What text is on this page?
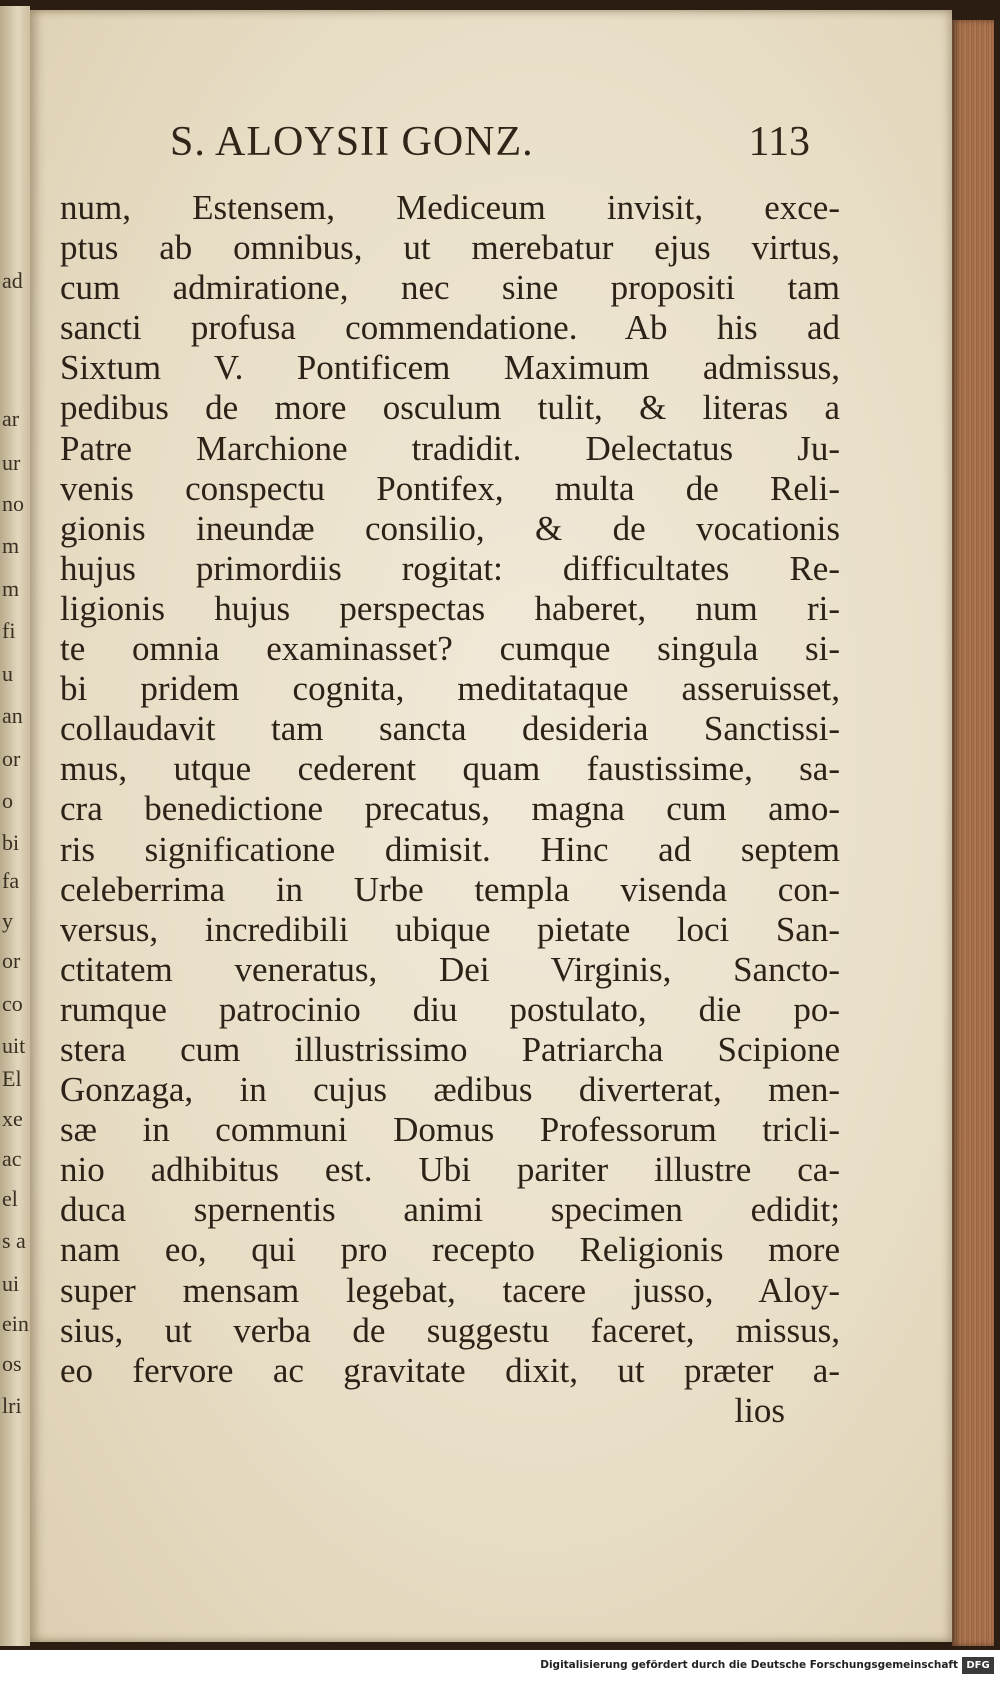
ad
ar
ur
no
m
m
fi
u
an
or
o
bi
fa
y
or
co
uit
El
xe
ac
el
s a
ui
ein
os
lri
S. ALOYSII GONZ.	113
num, Estensem, Mediceum invisit, exce-
ptus ab omnibus, ut merebatur ejus virtus,
cum admiratione, nec sine propositi tam
sancti profusa commendatione. Ab his ad
Sixtum V. Pontificem Maximum admissus,
pedibus de more osculum tulit, & literas a
Patre Marchione tradidit. Delectatus Ju-
venis conspectu Pontifex, multa de Reli-
gionis ineundæ consilio, & de vocationis
hujus primordiis rogitat: difficultates Re-
ligionis hujus perspectas haberet, num ri-
te omnia examinasset? cumque singula si-
bi pridem cognita, meditataque asseruisset,
collaudavit tam sancta desideria Sanctissi-
mus, utque cederent quam faustissime, sa-
cra benedictione precatus, magna cum amo-
ris significatione dimisit. Hinc ad septem
celeberrima in Urbe templa visenda con-
versus, incredibili ubique pietate loci San-
ctitatem veneratus, Dei Virginis, Sancto-
rumque patrocinio diu postulato, die po-
stera cum illustrissimo Patriarcha Scipione
Gonzaga, in cujus ædibus diverterat, men-
sæ in communi Domus Professorum tricli-
nio adhibitus est. Ubi pariter illustre ca-
duca spernentis animi specimen edidit;
nam eo, qui pro recepto Religionis more
super mensam legebat, tacere jusso, Aloy-
sius, ut verba de suggestu faceret, missus,
eo fervore ac gravitate dixit, ut præter a-
lios
Digitalisierung gefördert durch die Deutsche Forschungsgemeinschaft DFG
